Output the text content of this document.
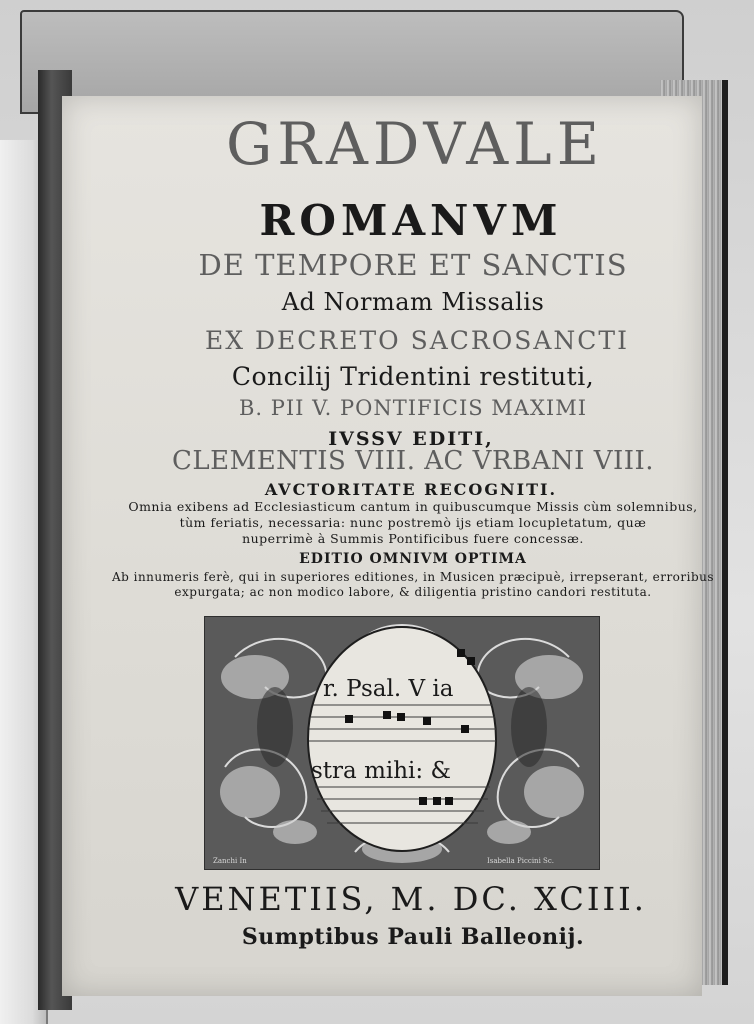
GRADVALE
ROMANVM
DE TEMPORE ET SANCTIS
Ad Normam Missalis
EX DECRETO SACROSANCTI
Concilij Tridentini restituti,
B. PII V. PONTIFICIS MAXIMI
IVSSV EDITI,
CLEMENTIS VIII. AC VRBANI VIII.
AVCTORITATE RECOGNITI.
Omnia exibens ad Ecclesiasticum cantum in quibuscumque Missis cùm solemnibus,
tùm feriatis, necessaria: nunc postremò ijs etiam locupletatum, quæ
nuperrimè à Summis Pontificibus fuere concessæ.
EDITIO OMNIVM OPTIMA
Ab innumeris ferè, qui in superiores editiones, in Musicen præcipuè, irrepserant, erroribus
expurgata; ac non modico labore, & diligentia pristino candori restituta.
r. Psal. V ia
stra mihi: &
Zanchi In	Isabella Piccini Sc.
VENETIIS, M. DC. XCIII.
Sumptibus Pauli Balleonij.
